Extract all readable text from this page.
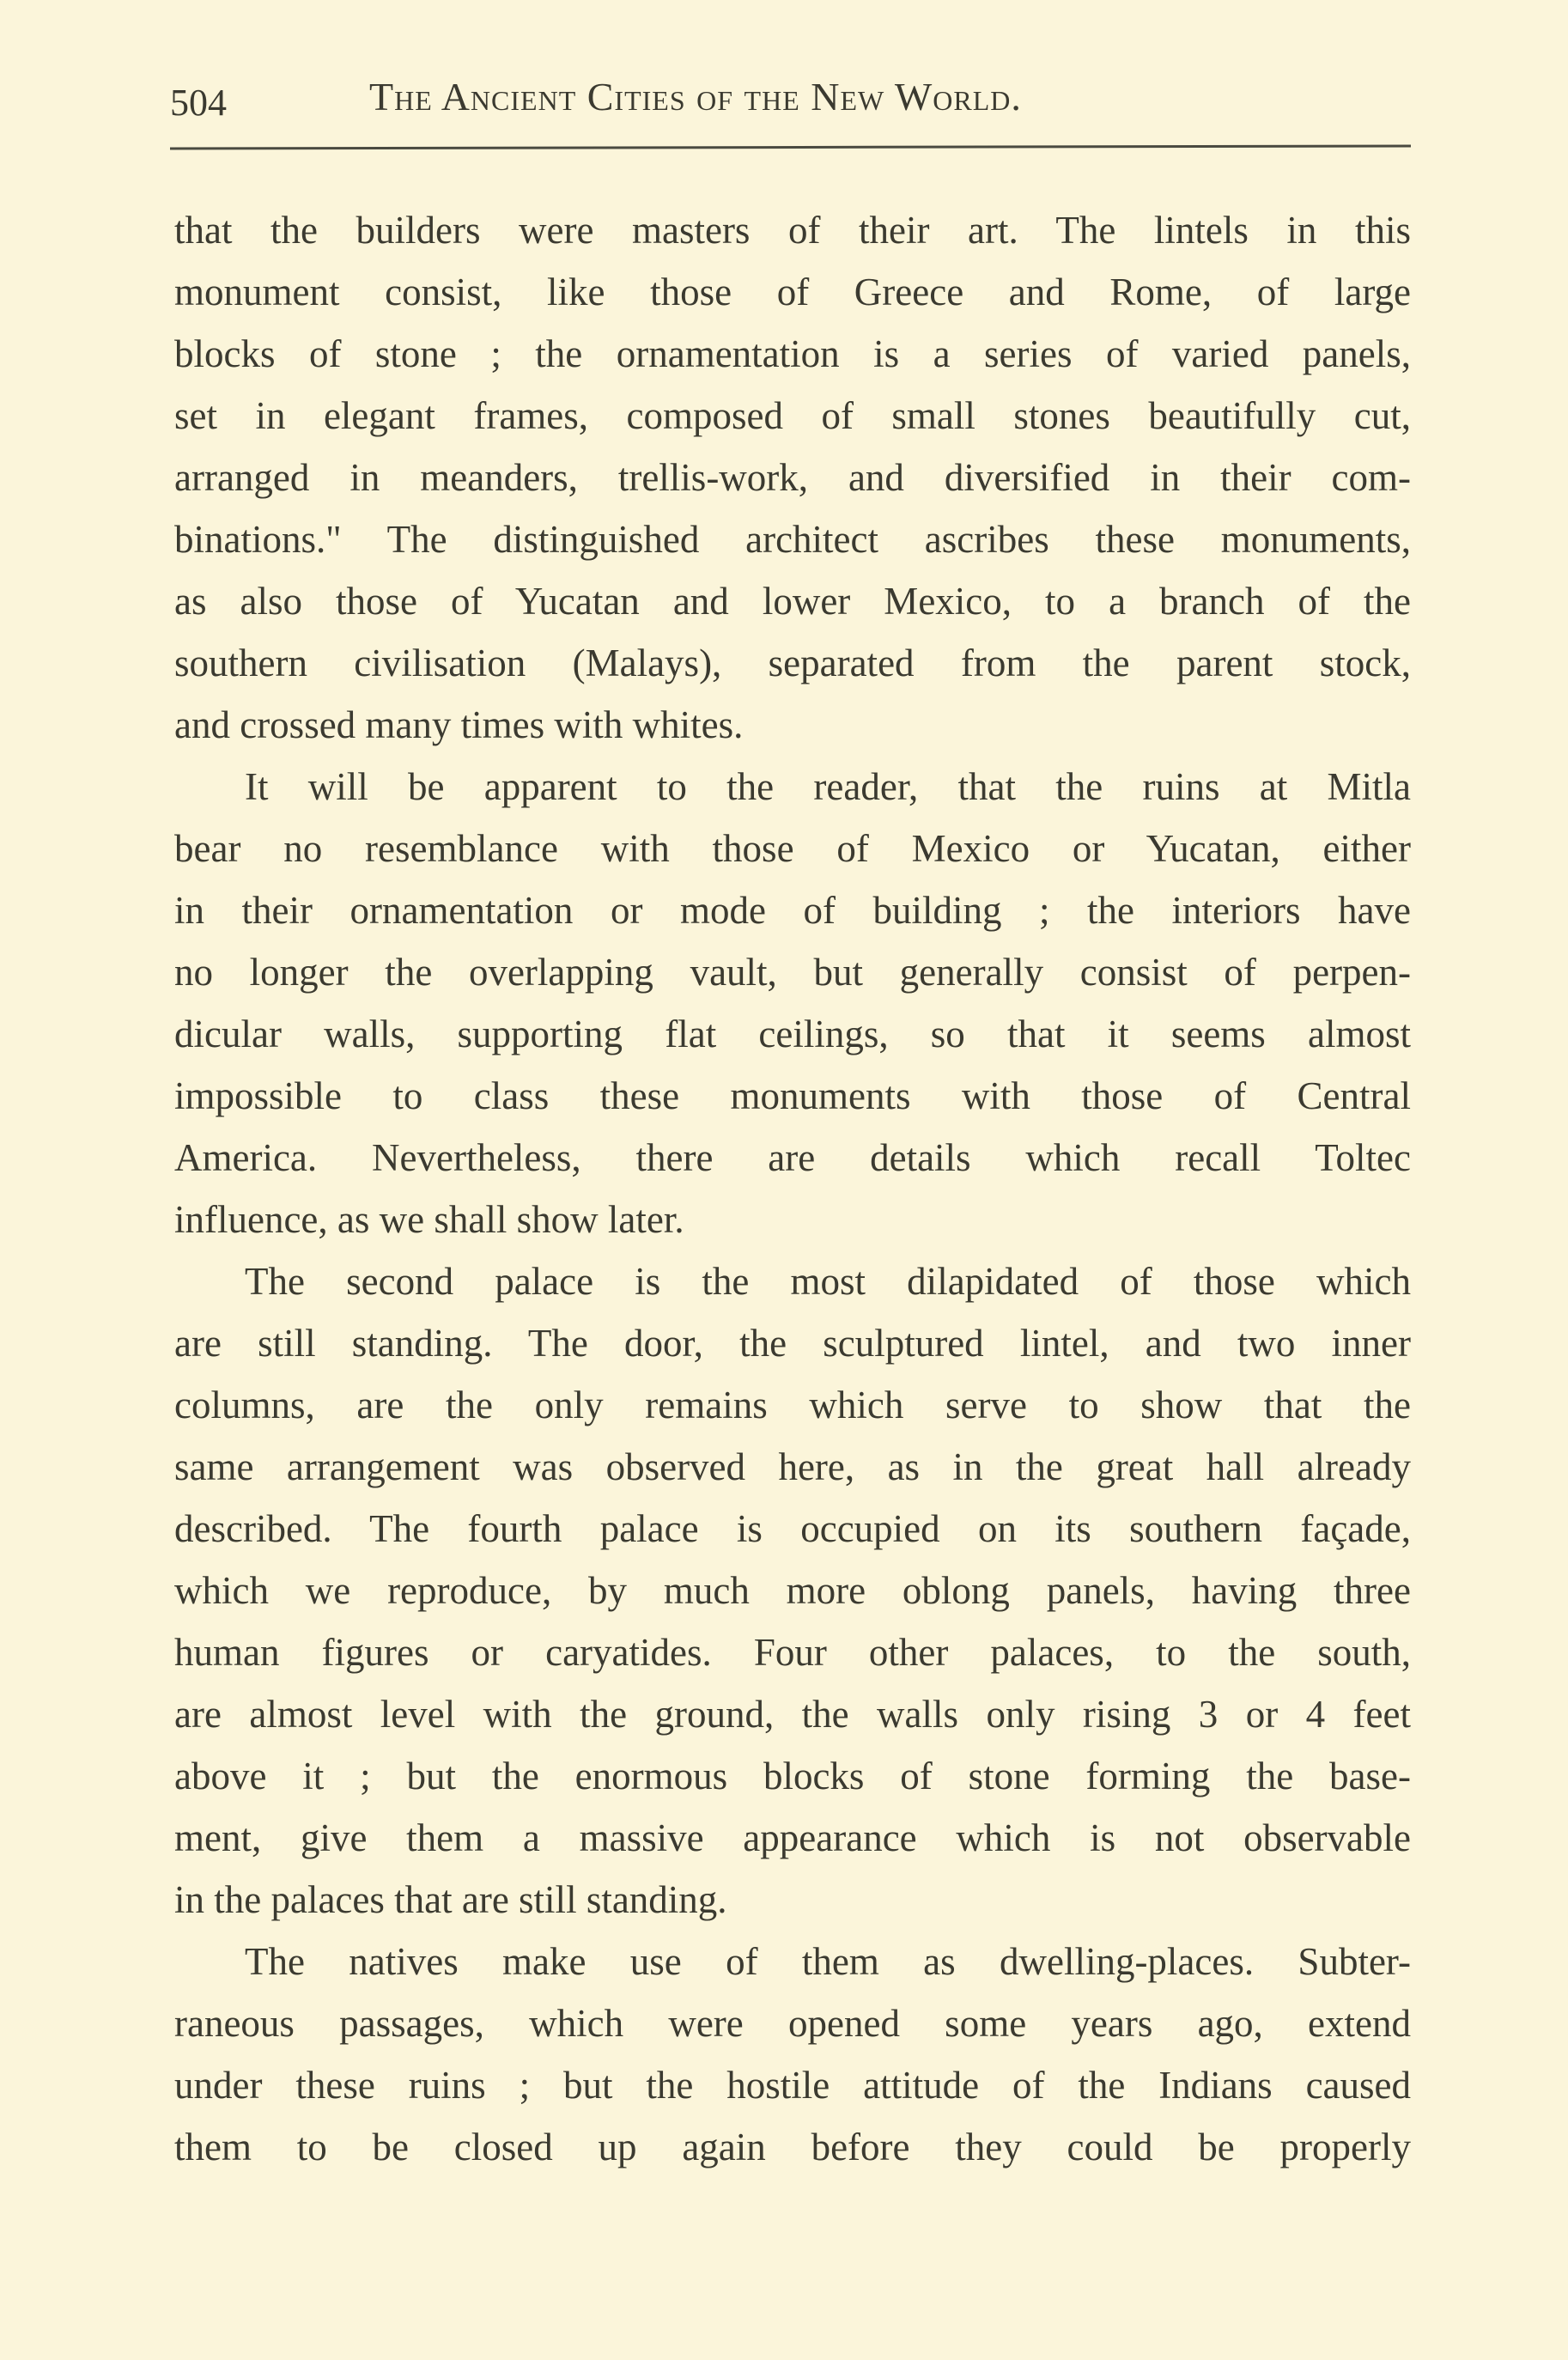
504	The Ancient Cities of the New World.
that the builders were masters of their art. The lintels in this
monument consist, like those of Greece and Rome, of large
blocks of stone ; the ornamentation is a series of varied panels,
set in elegant frames, composed of small stones beautifully cut,
arranged in meanders, trellis-work, and diversified in their com-
binations." The distinguished architect ascribes these monuments,
as also those of Yucatan and lower Mexico, to a branch of the
southern civilisation (Malays), separated from the parent stock,
and crossed many times with whites.
It will be apparent to the reader, that the ruins at Mitla
bear no resemblance with those of Mexico or Yucatan, either
in their ornamentation or mode of building ; the interiors have
no longer the overlapping vault, but generally consist of perpen-
dicular walls, supporting flat ceilings, so that it seems almost
impossible to class these monuments with those of Central
America. Nevertheless, there are details which recall Toltec
influence, as we shall show later.
The second palace is the most dilapidated of those which
are still standing. The door, the sculptured lintel, and two inner
columns, are the only remains which serve to show that the
same arrangement was observed here, as in the great hall already
described. The fourth palace is occupied on its southern façade,
which we reproduce, by much more oblong panels, having three
human figures or caryatides. Four other palaces, to the south,
are almost level with the ground, the walls only rising 3 or 4 feet
above it ; but the enormous blocks of stone forming the base-
ment, give them a massive appearance which is not observable
in the palaces that are still standing.
The natives make use of them as dwelling-places. Subter-
raneous passages, which were opened some years ago, extend
under these ruins ; but the hostile attitude of the Indians caused
them to be closed up again before they could be properly
